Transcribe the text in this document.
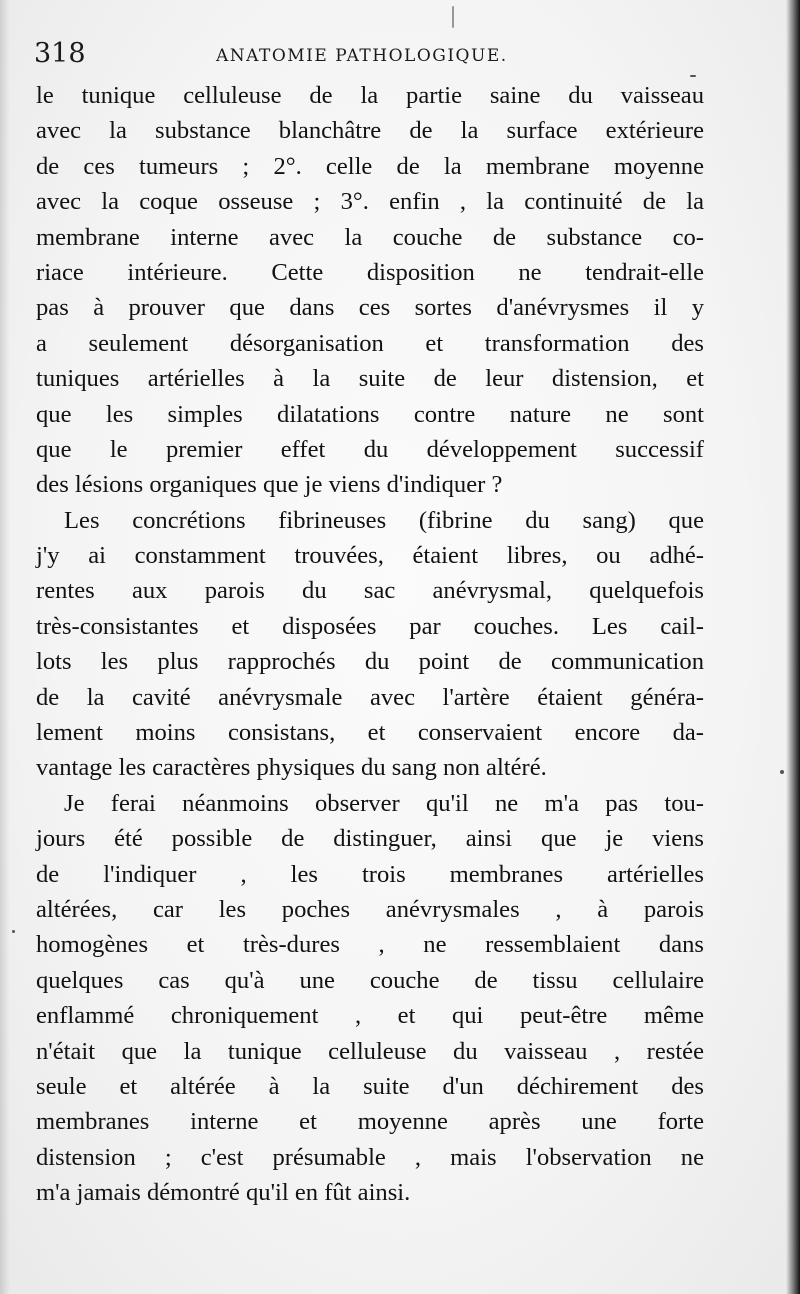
318	ANATOMIE PATHOLOGIQUE.
le tunique celluleuse de la partie saine du vaisseau
avec la substance blanchâtre de la surface extérieure
de ces tumeurs ; 2°. celle de la membrane moyenne
avec la coque osseuse ; 3°. enfin , la continuité de la
membrane interne avec la couche de substance co-
riace intérieure. Cette disposition ne tendrait-elle
pas à prouver que dans ces sortes d'anévrysmes il y
a seulement désorganisation et transformation des
tuniques artérielles à la suite de leur distension, et
que les simples dilatations contre nature ne sont
que le premier effet du développement successif
des lésions organiques que je viens d'indiquer ?
Les concrétions fibrineuses (fibrine du sang) que
j'y ai constamment trouvées, étaient libres, ou adhé-
rentes aux parois du sac anévrysmal, quelquefois
très-consistantes et disposées par couches. Les cail-
lots les plus rapprochés du point de communication
de la cavité anévrysmale avec l'artère étaient généra-
lement moins consistans, et conservaient encore da-
vantage les caractères physiques du sang non altéré.
Je ferai néanmoins observer qu'il ne m'a pas tou-
jours été possible de distinguer, ainsi que je viens
de l'indiquer , les trois membranes artérielles
altérées, car les poches anévrysmales , à parois
homogènes et très-dures , ne ressemblaient dans
quelques cas qu'à une couche de tissu cellulaire
enflammé chroniquement , et qui peut-être même
n'était que la tunique celluleuse du vaisseau , restée
seule et altérée à la suite d'un déchirement des
membranes interne et moyenne après une forte
distension ; c'est présumable , mais l'observation ne
m'a jamais démontré qu'il en fût ainsi.
